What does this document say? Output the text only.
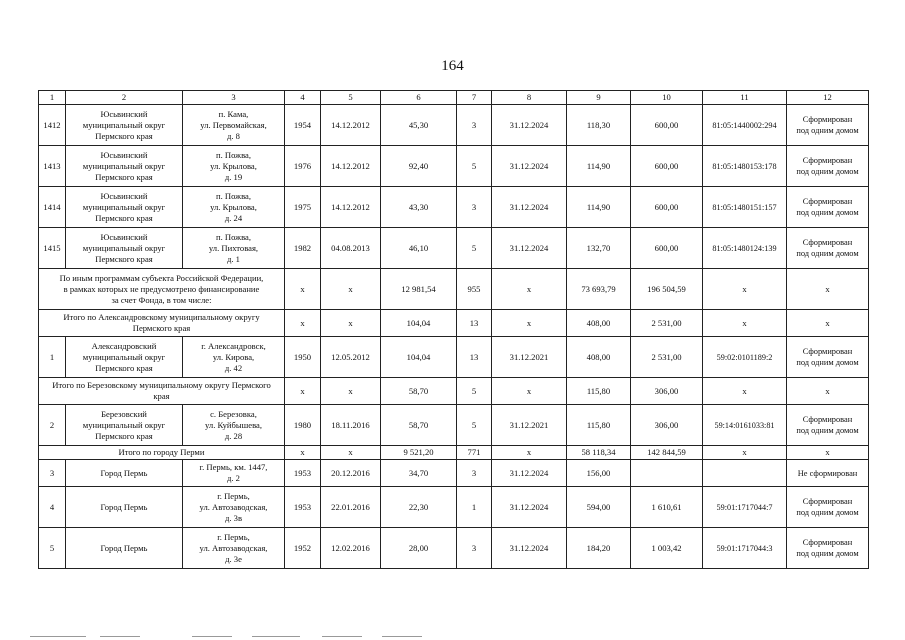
164
1	2	3	4	5	6	7	8	9	10	11	12
1412	Юсьвинский
муниципальный округ
Пермского края	п. Кама,
ул. Первомайская,
д. 8	1954	14.12.2012	45,30	3	31.12.2024	118,30	600,00	81:05:1440002:294	Сформирован
под одним домом
1413	Юсьвинский
муниципальный округ
Пермского края	п. Пожва,
ул. Крылова,
д. 19	1976	14.12.2012	92,40	5	31.12.2024	114,90	600,00	81:05:1480153:178	Сформирован
под одним домом
1414	Юсьвинский
муниципальный округ
Пермского края	п. Пожва,
ул. Крылова,
д. 24	1975	14.12.2012	43,30	3	31.12.2024	114,90	600,00	81:05:1480151:157	Сформирован
под одним домом
1415	Юсьвинский
муниципальный округ
Пермского края	п. Пожва,
ул. Пихтовая,
д. 1	1982	04.08.2013	46,10	5	31.12.2024	132,70	600,00	81:05:1480124:139	Сформирован
под одним домом
По иным программам субъекта Российской Федерации,
в рамках которых не предусмотрено финансирование
за счет Фонда, в том числе:			x	x	12 981,54	955	x	73 693,79	196 504,59	x	x
Итого по Александровскому муниципальному округу
Пермского края			x	x	104,04	13	x	408,00	2 531,00	x	x
1	Александровский
муниципальный округ
Пермского края	г. Александровск,
ул. Кирова,
д. 42	1950	12.05.2012	104,04	13	31.12.2021	408,00	2 531,00	59:02:0101189:2	Сформирован
под одним домом
Итого по Березовскому муниципальному округу Пермского
края			x	x	58,70	5	x	115,80	306,00	x	x
2	Березовский
муниципальный округ
Пермского края	с. Березовка,
ул. Куйбышева,
д. 28	1980	18.11.2016	58,70	5	31.12.2021	115,80	306,00	59:14:0161033:81	Сформирован
под одним домом
Итого по городу Перми			x	x	9 521,20	771	x	58 118,34	142 844,59	x	x
3	Город Пермь	г. Пермь, км. 1447,
д. 2	1953	20.12.2016	34,70	3	31.12.2024	156,00			Не сформирован
4	Город Пермь	г. Пермь,
ул. Автозаводская,
д. 3в	1953	22.01.2016	22,30	1	31.12.2024	594,00	1 610,61	59:01:1717044:7	Сформирован
под одним домом
5	Город Пермь	г. Пермь,
ул. Автозаводская,
д. 3е	1952	12.02.2016	28,00	3	31.12.2024	184,20	1 003,42	59:01:1717044:3	Сформирован
под одним домом
